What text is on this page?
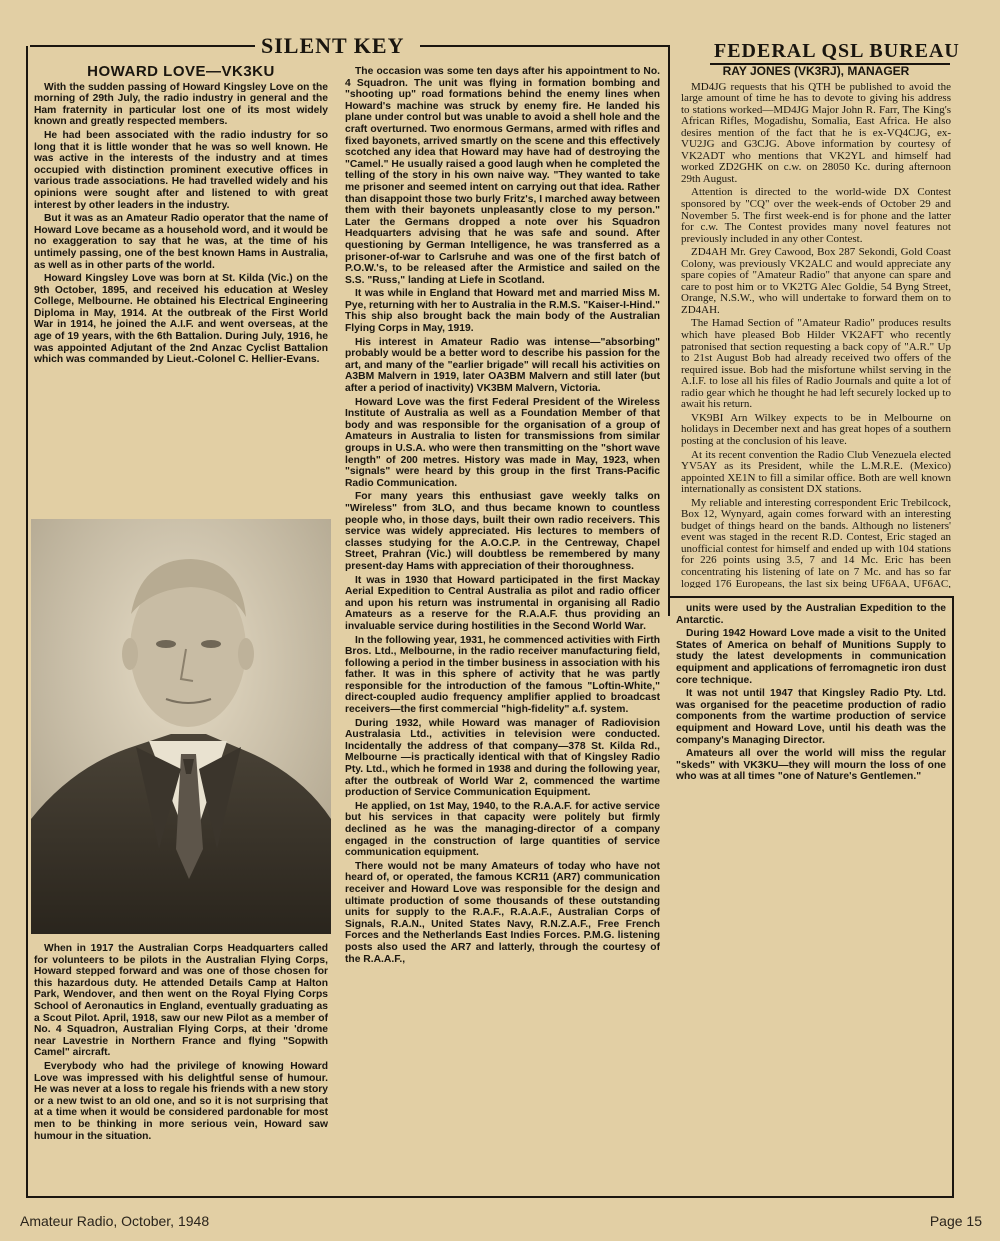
SILENT KEY
HOWARD LOVE—VK3KU

With the sudden passing of Howard Kingsley Love on the morning of 29th July, the radio industry in general and the Ham fraternity in particular lost one of its most widely known and greatly respected members.

He had been associated with the radio industry for so long that it is little wonder that he was so well known. He was active in the interests of the industry and at times occupied with distinction prominent executive offices in various trade associations. He had travelled widely and his opinions were sought after and listened to with great interest by other leaders in the industry.

But it was as an Amateur Radio operator that the name of Howard Love became as a household word, and it would be no exaggeration to say that he was, at the time of his untimely passing, one of the best known Hams in Australia, as well as in other parts of the world.

Howard Kingsley Love was born at St. Kilda (Vic.) on the 9th October, 1895, and received his education at Wesley College, Melbourne. He obtained his Electrical Engineering Diploma in May, 1914. At the outbreak of the First World War in 1914, he joined the A.I.F. and went overseas, at the age of 19 years, with the 6th Battalion. During July, 1916, he was appointed Adjutant of the 2nd Anzac Cyclist Battalion which was commanded by Lieut.-Colonel C. Hellier-Evans.

When in 1917 the Australian Corps Headquarters called for volunteers to be pilots in the Australian Flying Corps, Howard stepped forward and was one of those chosen for this hazardous duty. He attended Details Camp at Halton Park, Wendover, and then went on the Royal Flying Corps School of Aeronautics in England, eventually graduating as a Scout Pilot. April, 1918, saw our new Pilot as a member of No. 4 Squadron, Australian Flying Corps, at their 'drome near Lavestrie in Northern France and flying "Sopwith Camel" aircraft.

Everybody who had the privilege of knowing Howard Love was impressed with his delightful sense of humour. He was never at a loss to regale his friends with a new story or a new twist to an old one, and so it is not surprising that at a time when it would be considered pardonable for most men to be thinking in more serious vein, Howard saw humour in the situation.

The occasion was some ten days after his appointment to No. 4 Squadron. The unit was flying in formation bombing and "shooting up" road formations behind the enemy lines when Howard's machine was struck by enemy fire. He landed his plane under control but was unable to avoid a shell hole and the craft overturned. Two enormous Germans, armed with rifles and fixed bayonets, arrived smartly on the scene and this effectively scotched any idea that Howard may have had of destroying the "Camel." He usually raised a good laugh when he completed the telling of the story in his own naive way. "They wanted to take me prisoner and seemed intent on carrying out that idea. Rather than disappoint those two burly Fritz's, I marched away between them with their bayonets unpleasantly close to my person." Later the Germans dropped a note over his Squadron Headquarters advising that he was safe and sound. After questioning by German Intelligence, he was transferred as a prisoner-of-war to Carlsruhe and was one of the first batch of P.O.W.'s, to be released after the Armistice and sailed on the S.S. "Russ," landing at Liefe in Scotland.

It was while in England that Howard met and married Miss M. Pye, returning with her to Australia in the R.M.S. "Kaiser-I-Hind." This ship also brought back the main body of the Australian Flying Corps in May, 1919.

His interest in Amateur Radio was intense—"absorbing" probably would be a better word to describe his passion for the art, and many of the "earlier brigade" will recall his activities on A3BM Malvern in 1919, later OA3BM Malvern and still later (but after a period of inactivity) VK3BM Malvern, Victoria.

Howard Love was the first Federal President of the Wireless Institute of Australia as well as a Foundation Member of that body and was responsible for the organisation of a group of Amateurs in Australia to listen for transmissions from similar groups in U.S.A. who were then transmitting on the "short wave length" of 200 metres. History was made in May, 1923, when "signals" were heard by this group in the first Trans-Pacific Radio Communication.

For many years this enthusiast gave weekly talks on "Wireless" from 3LO, and thus became known to countless people who, in those days, built their own radio receivers. This service was widely appreciated. His lectures to members of classes studying for the A.O.C.P. in the Centreway, Chapel Street, Prahran (Vic.) will doubtless be remembered by many present-day Hams with appreciation of their thoroughness.

It was in 1930 that Howard participated in the first Mackay Aerial Expedition to Central Australia as pilot and radio officer and upon his return was instrumental in organising all Radio Amateurs as a reserve for the R.A.A.F. thus providing an invaluable service during hostilities in the Second World War.

In the following year, 1931, he commenced activities with Firth Bros. Ltd., Melbourne, in the radio receiver manufacturing field, following a period in the timber business in association with his father. It was in this sphere of activity that he was partly responsible for the introduction of the famous "Loftin-White," direct-coupled audio frequency amplifier applied to broadcast receivers—the first commercial "high-fidelity" a.f. system.

During 1932, while Howard was manager of Radiovision Australasia Ltd., activities in television were conducted. Incidentally the address of that company—378 St. Kilda Rd., Melbourne —is practically identical with that of Kingsley Radio Pty. Ltd., which he formed in 1938 and during the following year, after the outbreak of World War 2, commenced the wartime production of Service Communication Equipment.

He applied, on 1st May, 1940, to the R.A.A.F. for active service but his services in that capacity were politely but firmly declined as he was the managing-director of a company engaged in the construction of large quantities of service communication equipment.

There would not be many Amateurs of today who have not heard of, or operated, the famous KCR11 (AR7) communication receiver and Howard Love was responsible for the design and ultimate production of some thousands of these outstanding units for supply to the R.A.F., R.A.A.F., Australian Corps of Signals, R.A.N., United States Navy, R.N.Z.A.F., Free French Forces and the Netherlands East Indies Forces. P.M.G. listening posts also used the AR7 and latterly, through the courtesy of the R.A.A.F.,

units were used by the Australian Expedition to the Antarctic.

During 1942 Howard Love made a visit to the United States of America on behalf of Munitions Supply to study the latest developments in communication equipment and applications of ferromagnetic iron dust core technique.

It was not until 1947 that Kingsley Radio Pty. Ltd. was organised for the peacetime production of radio components from the wartime production of service equipment and Howard Love, until his death was the company's Managing Director.

Amateurs all over the world will miss the regular "skeds" with VK3KU—they will mourn the loss of one who was at all times "one of Nature's Gentlemen."

FEDERAL QSL BUREAU
RAY JONES (VK3RJ), MANAGER

MD4JG requests that his QTH be published to avoid the large amount of time he has to devote to giving his address to stations worked—MD4JG Major John R. Farr, The King's African Rifles, Mogadishu, Somalia, East Africa. He also desires mention of the fact that he is ex-VQ4CJG, ex-VU2JG and G3CJG. Above information by courtesy of VK2ADT who mentions that VK2YL and himself had worked ZD2GHK on c.w. on 28050 Kc. during afternoon 29th August.

Attention is directed to the world-wide DX Contest sponsored by "CQ" over the week-ends of October 29 and November 5. The first week-end is for phone and the latter for c.w. The Contest provides many novel features not previously included in any other Contest.

ZD4AH Mr. Grey Cawood, Box 287 Sekondi, Gold Coast Colony, was previously VK2ALC and would appreciate any spare copies of "Amateur Radio" that anyone can spare and care to post him or to VK2TG Alec Goldie, 54 Byng Street, Orange, N.S.W., who will undertake to forward them on to ZD4AH.

The Hamad Section of "Amateur Radio" produces results which have pleased Bob Hilder VK2AFT who recently patronised that section requesting a back copy of "A.R." Up to 21st August Bob had already received two offers of the required issue. Bob had the misfortune whilst serving in the A.I.F. to lose all his files of Radio Journals and quite a lot of radio gear which he thought he had left securely locked up to await his return.

VK9BI Arn Wilkey expects to be in Melbourne on holidays in December next and has great hopes of a southern posting at the conclusion of his leave.

At its recent convention the Radio Club Venezuela elected YV5AY as its President, while the L.M.R.E. (Mexico) appointed XE1N to fill a similar office. Both are well known internationally as consistent DX stations.

My reliable and interesting correspondent Eric Trebilcock, Box 12, Wynyard, again comes forward with an interesting budget of things heard on the bands. Although no listeners' event was staged in the recent R.D. Contest, Eric staged an unofficial contest for himself and ended up with 104 stations for 226 points using 3.5, 7 and 14 Mc. Eric has been concentrating his listening of late on 7 Mc. and has so far logged 176 Europeans, the last six being UF6AA, UF6AC,

Amateur Radio, October, 1948	Page 15
